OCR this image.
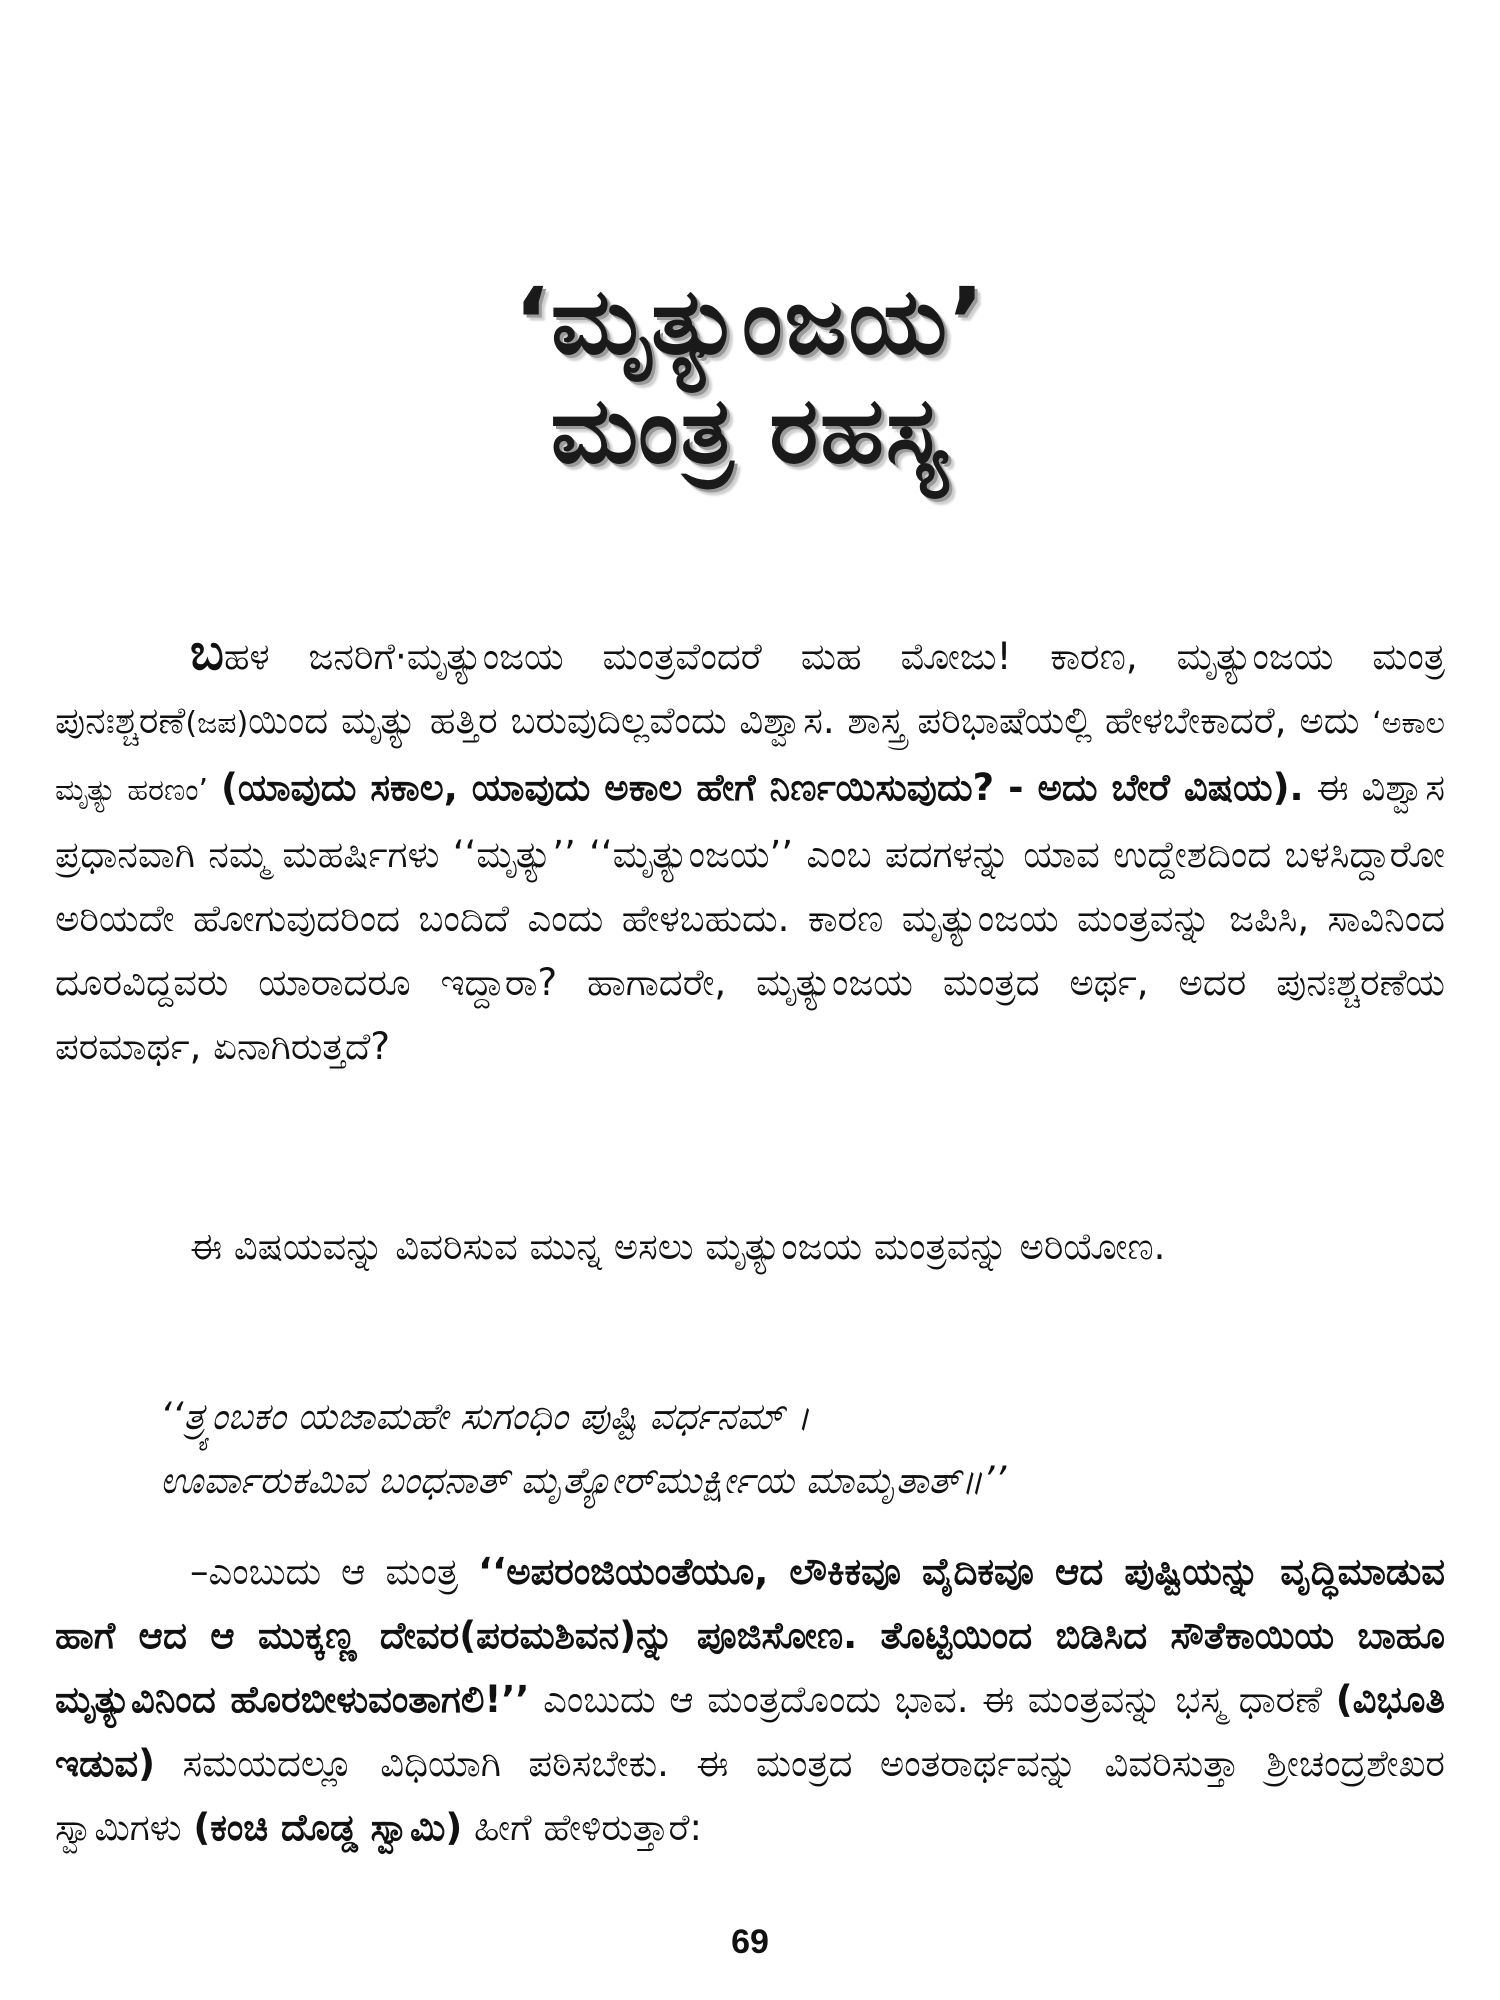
‘ಮೃತ್ಯುಂಜಯ’
ಮಂತ್ರ ರಹಸ್ಯ

ಬಹಳ ಜನರಿಗೆ·ಮೃತ್ಯುಂಜಯ ಮಂತ್ರವೆಂದರೆ ಮಹ ಮೋಜು! ಕಾರಣ, ಮೃತ್ಯುಂಜಯ ಮಂತ್ರ ಪುನಃಶ್ಚರಣೆ(ಜಪ)ಯಿಂದ ಮೃತ್ಯು ಹತ್ತಿರ ಬರುವುದಿಲ್ಲವೆಂದು ವಿಶ್ವಾಸ. ಶಾಸ್ತ್ರ ಪರಿಭಾಷೆಯಲ್ಲಿ ಹೇಳಬೇಕಾದರೆ, ಅದು ‘ಅಕಾಲ ಮೃತ್ಯು ಹರಣಂ’ (ಯಾವುದು ಸಕಾಲ, ಯಾವುದು ಅಕಾಲ ಹೇಗೆ ನಿರ್ಣಯಿಸುವುದು? - ಅದು ಬೇರೆ ವಿಷಯ). ಈ ವಿಶ್ವಾಸ ಪ್ರಧಾನವಾಗಿ ನಮ್ಮ ಮಹರ್ಷಿಗಳು ‘‘ಮೃತ್ಯು’’ ‘‘ಮೃತ್ಯುಂಜಯ’’ ಎಂಬ ಪದಗಳನ್ನು ಯಾವ ಉದ್ದೇಶದಿಂದ ಬಳಸಿದ್ದಾರೋ ಅರಿಯದೇ ಹೋಗುವುದರಿಂದ ಬಂದಿದೆ ಎಂದು ಹೇಳಬಹುದು. ಕಾರಣ ಮೃತ್ಯುಂಜಯ ಮಂತ್ರವನ್ನು ಜಪಿಸಿ, ಸಾವಿನಿಂದ ದೂರವಿದ್ದವರು ಯಾರಾದರೂ ಇದ್ದಾರಾ? ಹಾಗಾದರೇ, ಮೃತ್ಯುಂಜಯ ಮಂತ್ರದ ಅರ್ಥ, ಅದರ ಪುನಃಶ್ಚರಣೆಯ ಪರಮಾರ್ಥ, ಏನಾಗಿರುತ್ತದೆ?

ಈ ವಿಷಯವನ್ನು ವಿವರಿಸುವ ಮುನ್ನ ಅಸಲು ಮೃತ್ಯುಂಜಯ ಮಂತ್ರವನ್ನು ಅರಿಯೋಣ.

‘‘ತ್ರ್ಯಂಬಕಂ ಯಜಾಮಹೇ ಸುಗಂಧಿಂ ಪುಷ್ಟಿ ವರ್ಧನಮ್ ।
ಊರ್ವಾರುಕಮಿವ ಬಂಧನಾತ್ ಮೃತ್ಯೋರ್‌ಮುರ್ಕ್ಷೀಯ ಮಾಮೃತಾತ್॥’’

–ಎಂಬುದು ಆ ಮಂತ್ರ ‘‘ಅಪರಂಜಿಯಂತೆಯೂ, ಲೌಕಿಕವೂ ವೈದಿಕವೂ ಆದ ಪುಷ್ಟಿಯನ್ನು ವೃದ್ಧಿಮಾಡುವ ಹಾಗೆ ಆದ ಆ ಮುಕ್ಕಣ್ಣ ದೇವರ(ಪರಮಶಿವನ)ನ್ನು ಪೂಜಿಸೋಣ. ತೊಟ್ಟಿಯಿಂದ ಬಿಡಿಸಿದ ಸೌತೆಕಾಯಿಯ ಬಾಹೂ ಮೃತ್ಯುವಿನಿಂದ ಹೊರಬೀಳುವಂತಾಗಲಿ!’’ ಎಂಬುದು ಆ ಮಂತ್ರದೊಂದು ಭಾವ. ಈ ಮಂತ್ರವನ್ನು ಭಸ್ಮ ಧಾರಣೆ (ವಿಭೂತಿ ಇಡುವ) ಸಮಯದಲ್ಲೂ ವಿಧಿಯಾಗಿ ಪಠಿಸಬೇಕು. ಈ ಮಂತ್ರದ ಅಂತರಾರ್ಥವನ್ನು ವಿವರಿಸುತ್ತಾ ಶ್ರೀಚಂದ್ರಶೇಖರ ಸ್ವಾಮಿಗಳು (ಕಂಚಿ ದೊಡ್ಡ ಸ್ವಾಮಿ) ಹೀಗೆ ಹೇಳಿರುತ್ತಾರೆ:

69
